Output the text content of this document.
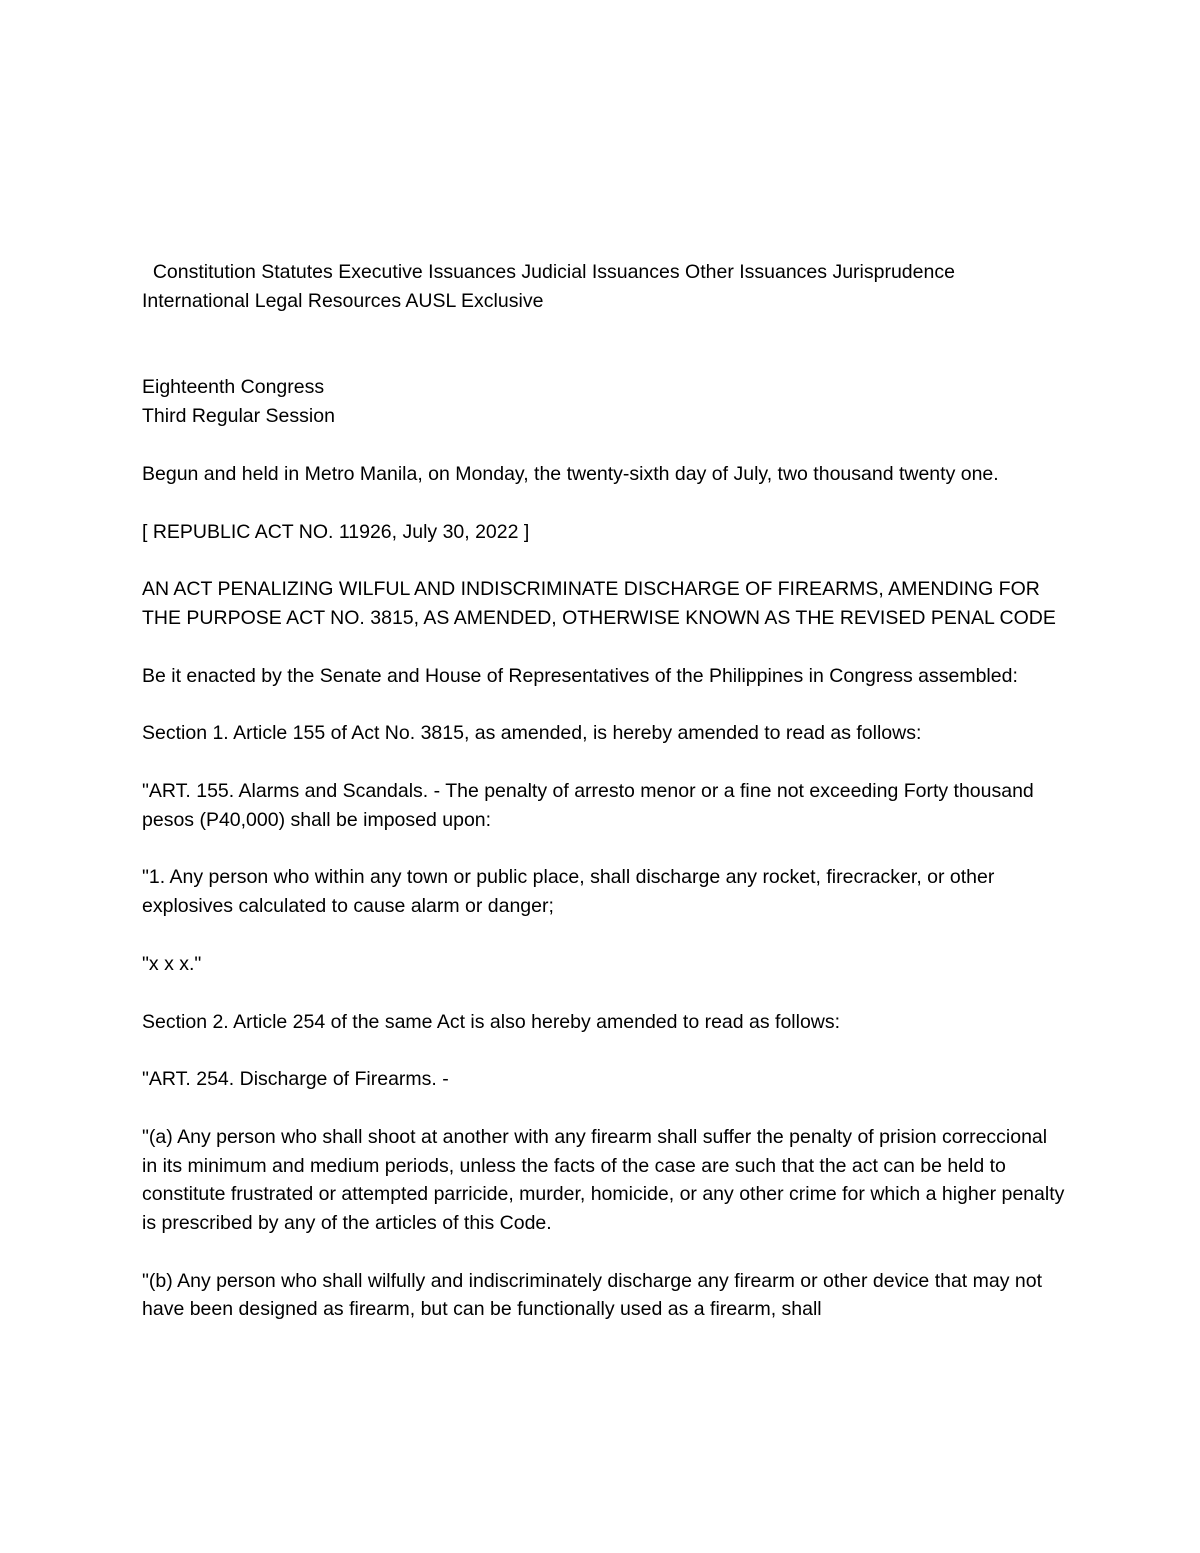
Constitution Statutes Executive Issuances Judicial Issuances Other Issuances Jurisprudence
International Legal Resources AUSL Exclusive

Eighteenth Congress
Third Regular Session

Begun and held in Metro Manila, on Monday, the twenty-sixth day of July, two thousand twenty one.

[ REPUBLIC ACT NO. 11926, July 30, 2022 ]

AN ACT PENALIZING WILFUL AND INDISCRIMINATE DISCHARGE OF FIREARMS, AMENDING FOR THE PURPOSE ACT NO. 3815, AS AMENDED, OTHERWISE KNOWN AS THE REVISED PENAL CODE

Be it enacted by the Senate and House of Representatives of the Philippines in Congress assembled:

Section 1. Article 155 of Act No. 3815, as amended, is hereby amended to read as follows:

"ART. 155. Alarms and Scandals. - The penalty of arresto menor or a fine not exceeding Forty thousand pesos (P40,000) shall be imposed upon:

"1. Any person who within any town or public place, shall discharge any rocket, firecracker, or other explosives calculated to cause alarm or danger;

"x x x."

Section 2. Article 254 of the same Act is also hereby amended to read as follows:

"ART. 254. Discharge of Firearms. -

"(a) Any person who shall shoot at another with any firearm shall suffer the penalty of prision correccional in its minimum and medium periods, unless the facts of the case are such that the act can be held to constitute frustrated or attempted parricide, murder, homicide, or any other crime for which a higher penalty is prescribed by any of the articles of this Code.

"(b) Any person who shall wilfully and indiscriminately discharge any firearm or other device that may not have been designed as firearm, but can be functionally used as a firearm, shall
